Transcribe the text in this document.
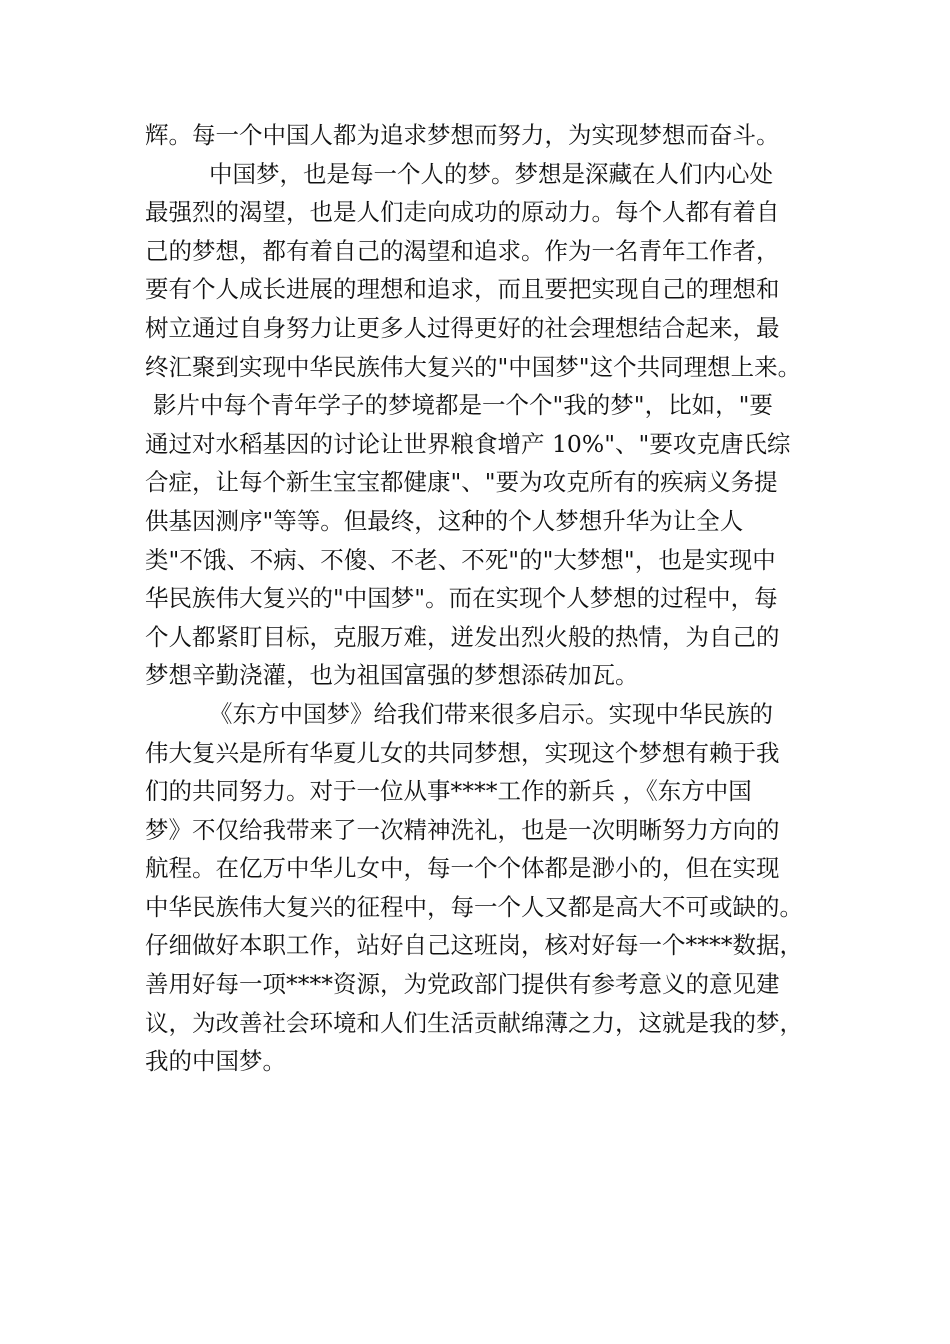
辉。每一个中国人都为追求梦想而努力，为实现梦想而奋斗。
中国梦，也是每一个人的梦。梦想是深藏在人们内心处
最强烈的渴望，也是人们走向成功的原动力。每个人都有着自
己的梦想，都有着自己的渴望和追求。作为一名青年工作者，
要有个人成长进展的理想和追求，而且要把实现自己的理想和
树立通过自身努力让更多人过得更好的社会理想结合起来，最
终汇聚到实现中华民族伟大复兴的"中国梦"这个共同理想上来。
影片中每个青年学子的梦境都是一个个"我的梦"，比如，"要
通过对水稻基因的讨论让世界粮食增产 10%"、"要攻克唐氏综
合症，让每个新生宝宝都健康"、"要为攻克所有的疾病义务提
供基因测序"等等。但最终，这种的个人梦想升华为让全人
类"不饿、不病、不傻、不老、不死"的"大梦想"，也是实现中
华民族伟大复兴的"中国梦"。而在实现个人梦想的过程中，每
个人都紧盯目标，克服万难，迸发出烈火般的热情，为自己的
梦想辛勤浇灌，也为祖国富强的梦想添砖加瓦。
《东方中国梦》给我们带来很多启示。实现中华民族的
伟大复兴是所有华夏儿女的共同梦想，实现这个梦想有赖于我
们的共同努力。对于一位从事****工作的新兵 ，《东方中国
梦》不仅给我带来了一次精神洗礼，也是一次明晰努力方向的
航程。在亿万中华儿女中，每一个个体都是渺小的，但在实现
中华民族伟大复兴的征程中，每一个人又都是高大不可或缺的。
仔细做好本职工作，站好自己这班岗，核对好每一个****数据，
善用好每一项****资源，为党政部门提供有参考意义的意见建
议，为改善社会环境和人们生活贡献绵薄之力，这就是我的梦，
我的中国梦。
